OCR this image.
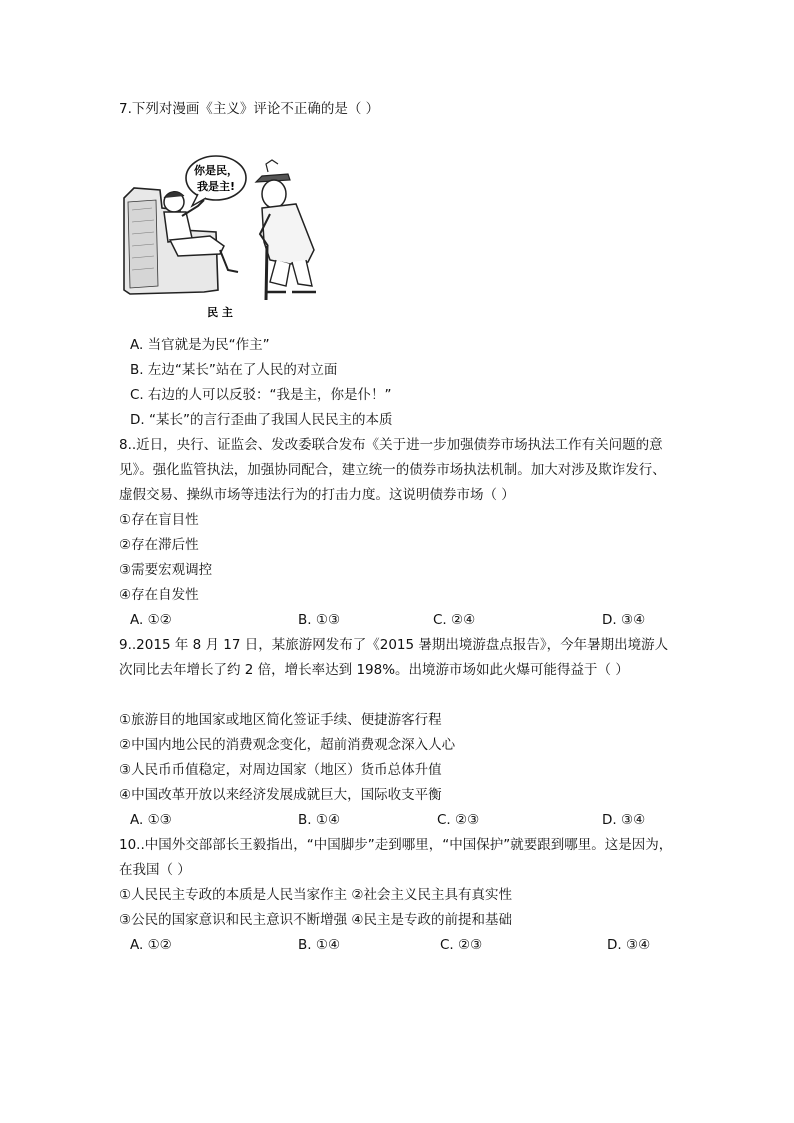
7.下列对漫画《主义》评论不正确的是（ ）
你是民，
我是主!
民 主
A. 当官就是为民“作主”
B. 左边“某长”站在了人民的对立面
C. 右边的人可以反驳：“我是主，你是仆！”
D. “某长”的言行歪曲了我国人民民主的本质
8..近日，央行、证监会、发改委联合发布《关于进一步加强债券市场执法工作有关问题的意
见》。强化监管执法，加强协同配合，建立统一的债券市场执法机制。加大对涉及欺诈发行、
虚假交易、操纵市场等违法行为的打击力度。这说明债券市场（ ）
①存在盲目性
②存在滞后性
③需要宏观调控
④存在自发性
A. ①②	B. ①③	C. ②④	D. ③④
9..2015 年 8 月 17 日，某旅游网发布了《2015 暑期出境游盘点报告》，今年暑期出境游人
次同比去年增长了约 2 倍，增长率达到 198%。出境游市场如此火爆可能得益于（ ）
①旅游目的地国家或地区简化签证手续、便捷游客行程
②中国内地公民的消费观念变化，超前消费观念深入人心
③人民币币值稳定，对周边国家（地区）货币总体升值
④中国改革开放以来经济发展成就巨大，国际收支平衡
A. ①③	B. ①④	C. ②③	D. ③④
10..中国外交部部长王毅指出，“中国脚步”走到哪里，“中国保护”就要跟到哪里。这是因为，
在我国（ ）
①人民民主专政的本质是人民当家作主 ②社会主义民主具有真实性
③公民的国家意识和民主意识不断增强 ④民主是专政的前提和基础
A. ①②	B. ①④	C. ②③	D. ③④
